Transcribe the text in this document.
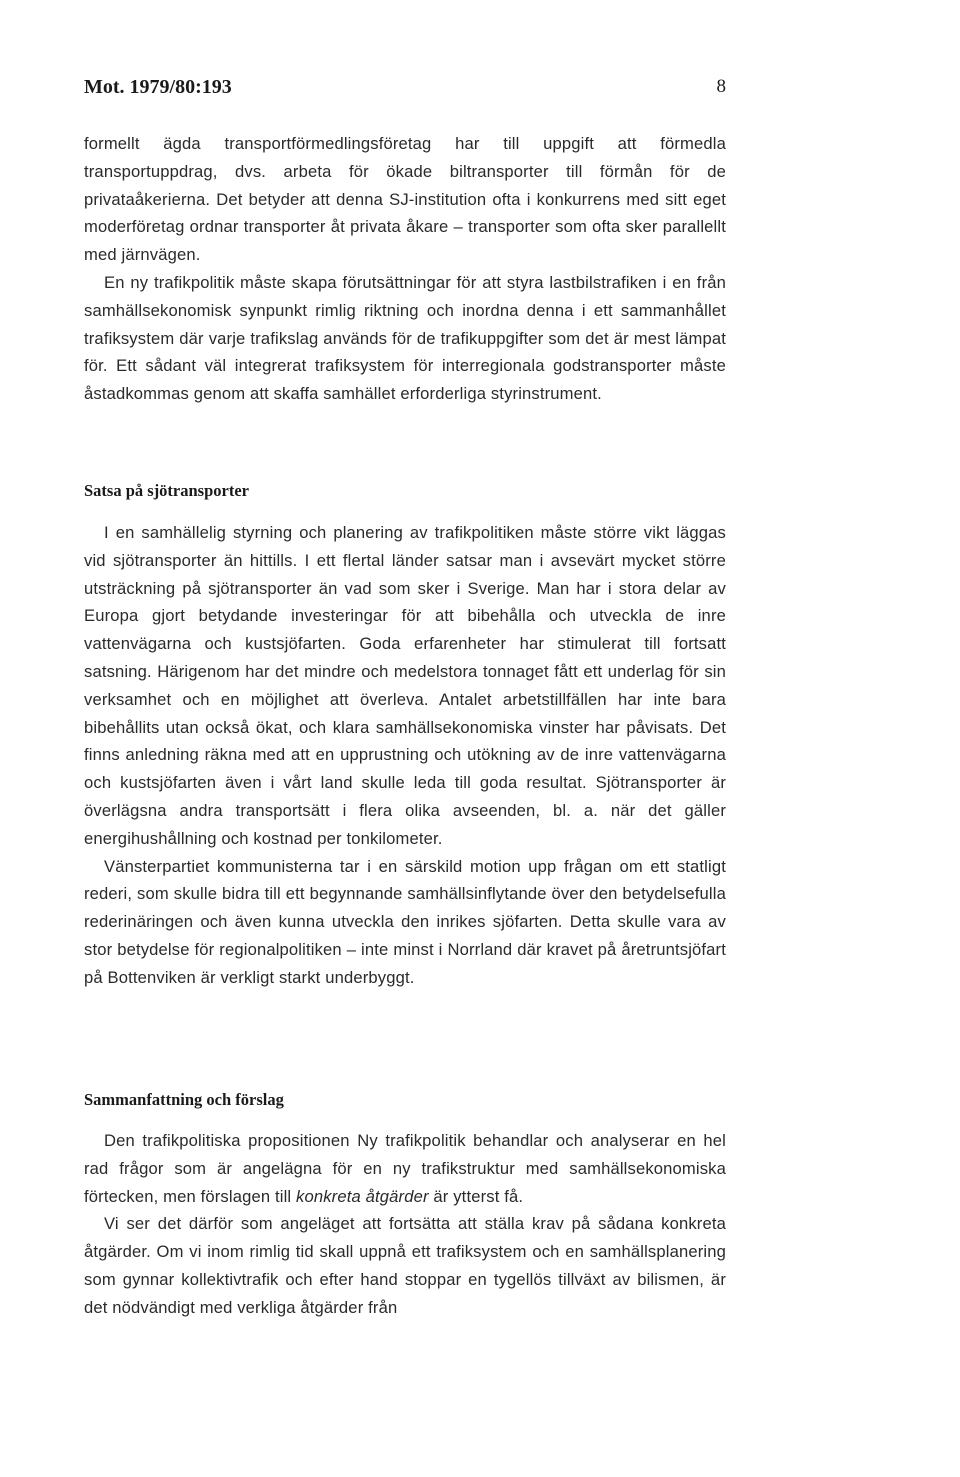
Mot. 1979/80:193	8

formellt ägda transportförmedlingsföretag har till uppgift att förmedla transportuppdrag, dvs. arbeta för ökade biltransporter till förmån för de privataåkerierna. Det betyder att denna SJ-institution ofta i konkurrens med sitt eget moderföretag ordnar transporter åt privata åkare – transporter som ofta sker parallellt med järnvägen.

En ny trafikpolitik måste skapa förutsättningar för att styra lastbilstrafiken i en från samhällsekonomisk synpunkt rimlig riktning och inordna denna i ett sammanhållet trafiksystem där varje trafikslag används för de trafikuppgifter som det är mest lämpat för. Ett sådant väl integrerat trafiksystem för interregionala godstransporter måste åstadkommas genom att skaffa samhället erforderliga styrinstrument.

Satsa på sjötransporter

I en samhällelig styrning och planering av trafikpolitiken måste större vikt läggas vid sjötransporter än hittills. I ett flertal länder satsar man i avsevärt mycket större utsträckning på sjötransporter än vad som sker i Sverige. Man har i stora delar av Europa gjort betydande investeringar för att bibehålla och utveckla de inre vattenvägarna och kustsjöfarten. Goda erfarenheter har stimulerat till fortsatt satsning. Härigenom har det mindre och medelstora tonnaget fått ett underlag för sin verksamhet och en möjlighet att överleva. Antalet arbetstillfällen har inte bara bibehållits utan också ökat, och klara samhällsekonomiska vinster har påvisats. Det finns anledning räkna med att en upprustning och utökning av de inre vattenvägarna och kustsjöfarten även i vårt land skulle leda till goda resultat. Sjötransporter är överlägsna andra transportsätt i flera olika avseenden, bl. a. när det gäller energihushållning och kostnad per tonkilometer.

Vänsterpartiet kommunisterna tar i en särskild motion upp frågan om ett statligt rederi, som skulle bidra till ett begynnande samhällsinflytande över den betydelsefulla rederinäringen och även kunna utveckla den inrikes sjöfarten. Detta skulle vara av stor betydelse för regionalpolitiken – inte minst i Norrland där kravet på åretruntsjöfart på Bottenviken är verkligt starkt underbyggt.

Sammanfattning och förslag

Den trafikpolitiska propositionen Ny trafikpolitik behandlar och analyserar en hel rad frågor som är angelägna för en ny trafikstruktur med samhällsekonomiska förtecken, men förslagen till konkreta åtgärder är ytterst få.

Vi ser det därför som angeläget att fortsätta att ställa krav på sådana konkreta åtgärder. Om vi inom rimlig tid skall uppnå ett trafiksystem och en samhällsplanering som gynnar kollektivtrafik och efter hand stoppar en tygellös tillväxt av bilismen, är det nödvändigt med verkliga åtgärder från
